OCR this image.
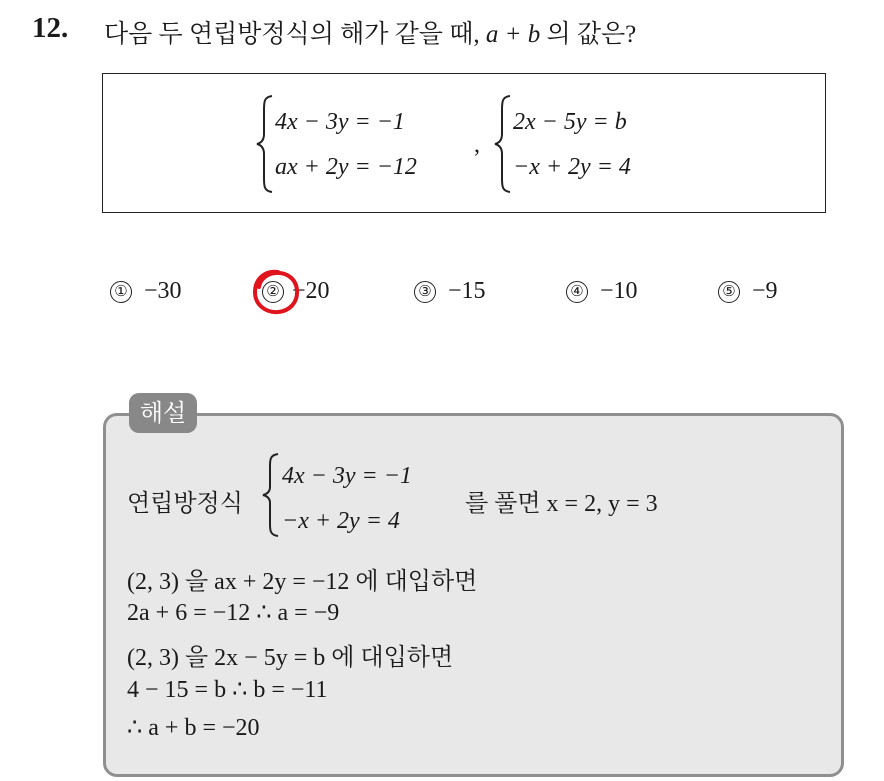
12. 다음 두 연립방정식의 해가 같을 때, a + b 의 값은?
4x − 3y = −1
ax + 2y = −12
,
2x − 5y = b
−x + 2y = 4
① −30	② −20	③ −15	④ −10	⑤ −9
해설
연립방정식
4x − 3y = −1
−x + 2y = 4
를 풀면 x = 2, y = 3
(2, 3) 을 ax + 2y = −12 에 대입하면
2a + 6 = −12 ∴ a = −9
(2, 3) 을 2x − 5y = b 에 대입하면
4 − 15 = b ∴ b = −11
∴ a + b = −20
